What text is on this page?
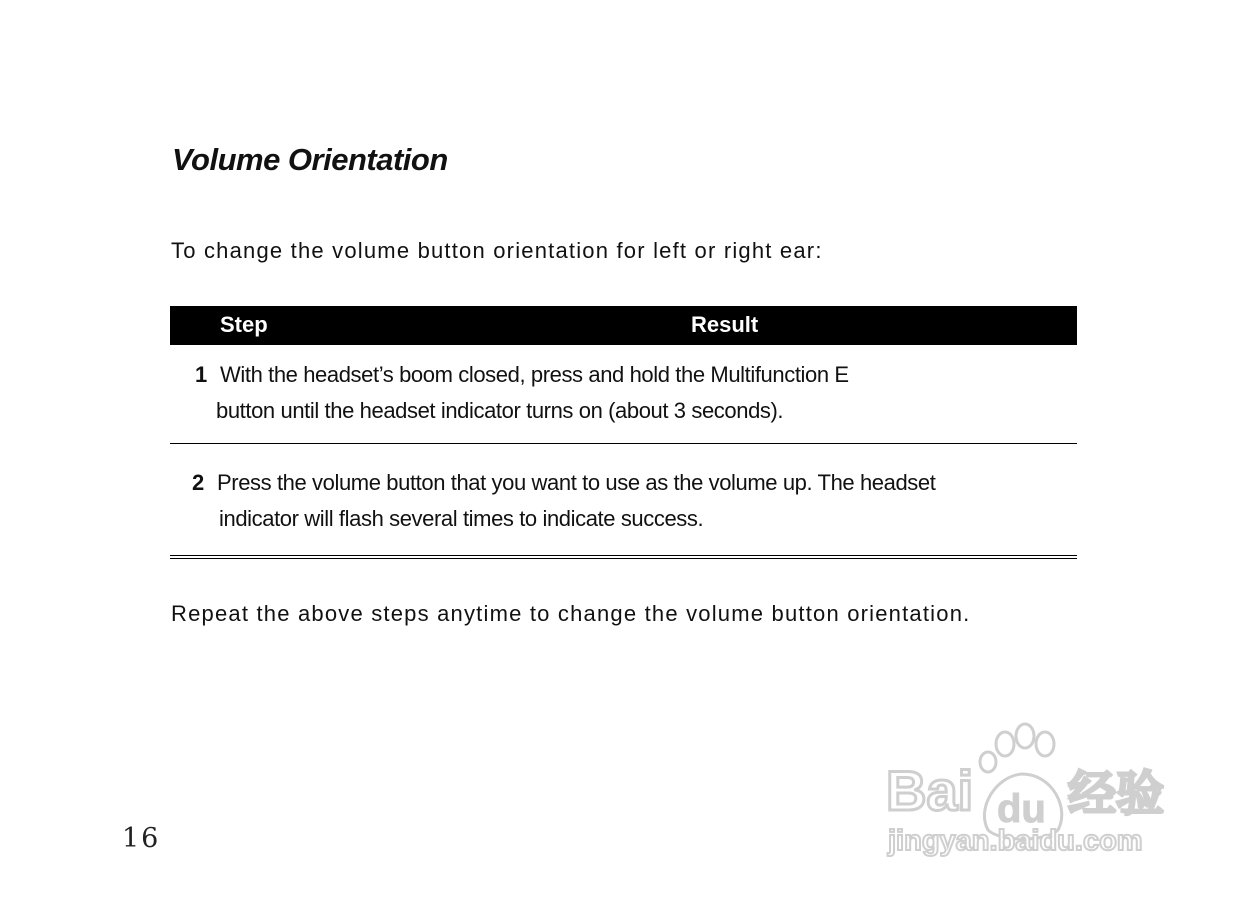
Volume Orientation

To change the volume button orientation for left or right ear:

Step	Result
1 With the headset’s boom closed, press and hold the Multifunction E
button until the headset indicator turns on (about 3 seconds).
2 Press the volume button that you want to use as the volume up. The headset
indicator will flash several times to indicate success.

Repeat the above steps anytime to change the volume button orientation.

16
Bai du 经验
jingyan.baidu.com
